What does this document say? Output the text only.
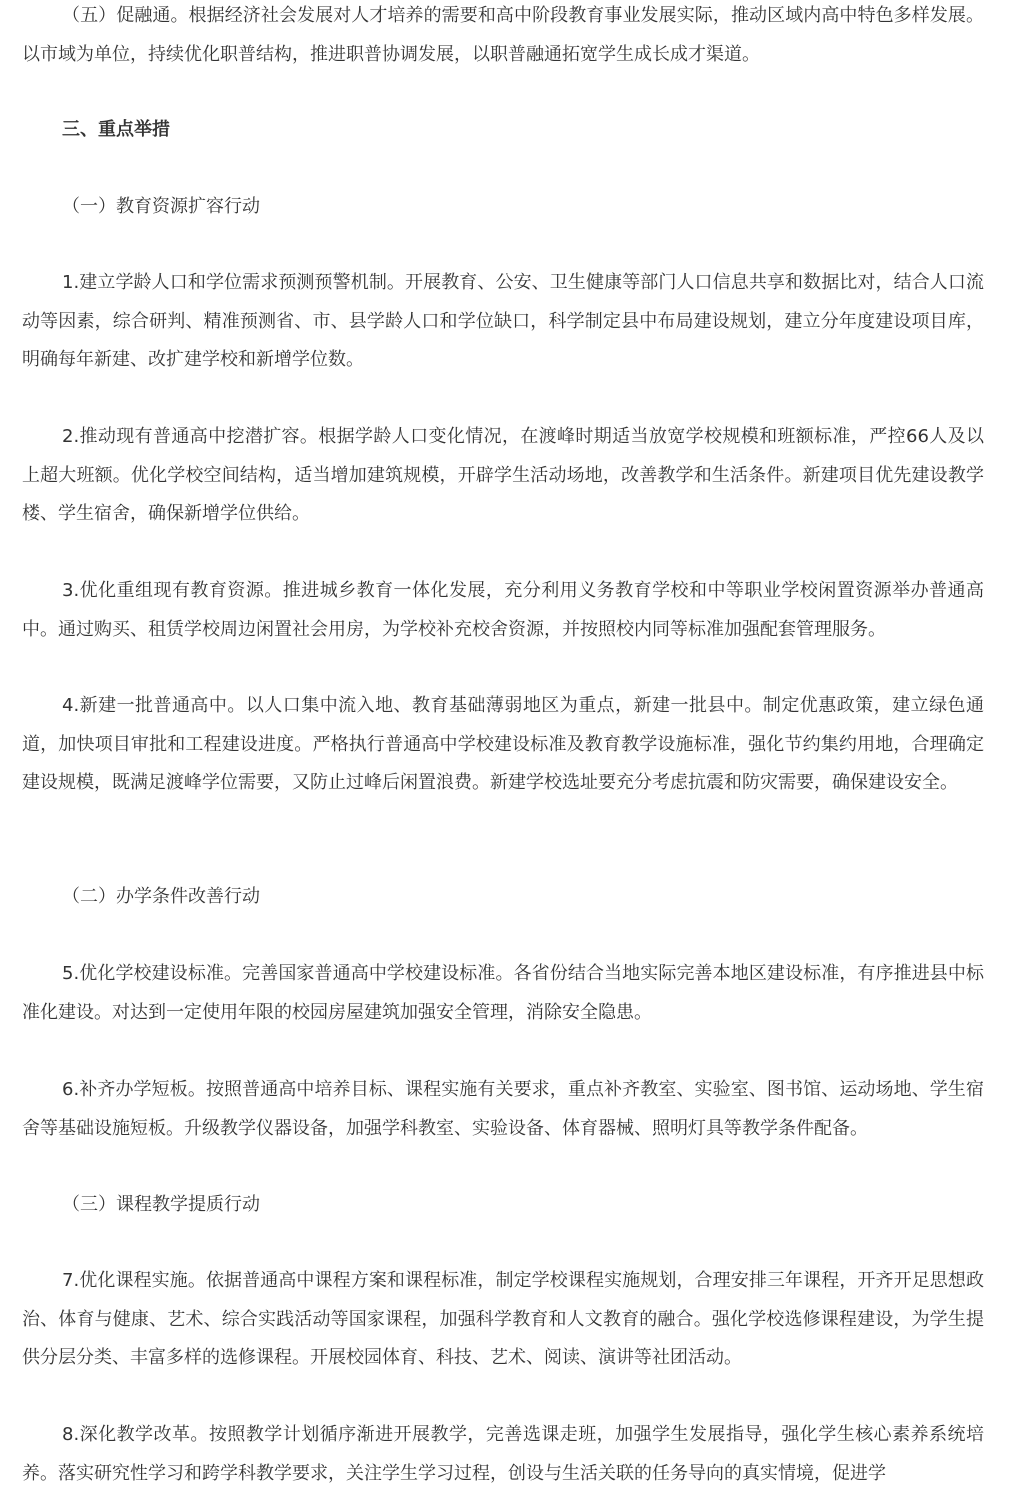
（五）促融通。根据经济社会发展对人才培养的需要和高中阶段教育事业发展实际，推动区域内高中特色多样发展。以市域为单位，持续优化职普结构，推进职普协调发展，以职普融通拓宽学生成长成才渠道。

三、重点举措

（一）教育资源扩容行动

1.建立学龄人口和学位需求预测预警机制。开展教育、公安、卫生健康等部门人口信息共享和数据比对，结合人口流动等因素，综合研判、精准预测省、市、县学龄人口和学位缺口，科学制定县中布局建设规划，建立分年度建设项目库，明确每年新建、改扩建学校和新增学位数。

2.推动现有普通高中挖潜扩容。根据学龄人口变化情况，在渡峰时期适当放宽学校规模和班额标准，严控66人及以上超大班额。优化学校空间结构，适当增加建筑规模，开辟学生活动场地，改善教学和生活条件。新建项目优先建设教学楼、学生宿舍，确保新增学位供给。

3.优化重组现有教育资源。推进城乡教育一体化发展，充分利用义务教育学校和中等职业学校闲置资源举办普通高中。通过购买、租赁学校周边闲置社会用房，为学校补充校舍资源，并按照校内同等标准加强配套管理服务。

4.新建一批普通高中。以人口集中流入地、教育基础薄弱地区为重点，新建一批县中。制定优惠政策，建立绿色通道，加快项目审批和工程建设进度。严格执行普通高中学校建设标准及教育教学设施标准，强化节约集约用地，合理确定建设规模，既满足渡峰学位需要，又防止过峰后闲置浪费。新建学校选址要充分考虑抗震和防灾需要，确保建设安全。

（二）办学条件改善行动

5.优化学校建设标准。完善国家普通高中学校建设标准。各省份结合当地实际完善本地区建设标准，有序推进县中标准化建设。对达到一定使用年限的校园房屋建筑加强安全管理，消除安全隐患。

6.补齐办学短板。按照普通高中培养目标、课程实施有关要求，重点补齐教室、实验室、图书馆、运动场地、学生宿舍等基础设施短板。升级教学仪器设备，加强学科教室、实验设备、体育器械、照明灯具等教学条件配备。

（三）课程教学提质行动

7.优化课程实施。依据普通高中课程方案和课程标准，制定学校课程实施规划，合理安排三年课程，开齐开足思想政治、体育与健康、艺术、综合实践活动等国家课程，加强科学教育和人文教育的融合。强化学校选修课程建设，为学生提供分层分类、丰富多样的选修课程。开展校园体育、科技、艺术、阅读、演讲等社团活动。

8.深化教学改革。按照教学计划循序渐进开展教学，完善选课走班，加强学生发展指导，强化学生核心素养系统培养。落实研究性学习和跨学科教学要求，关注学生学习过程，创设与生活关联的任务导向的真实情境，促进学
